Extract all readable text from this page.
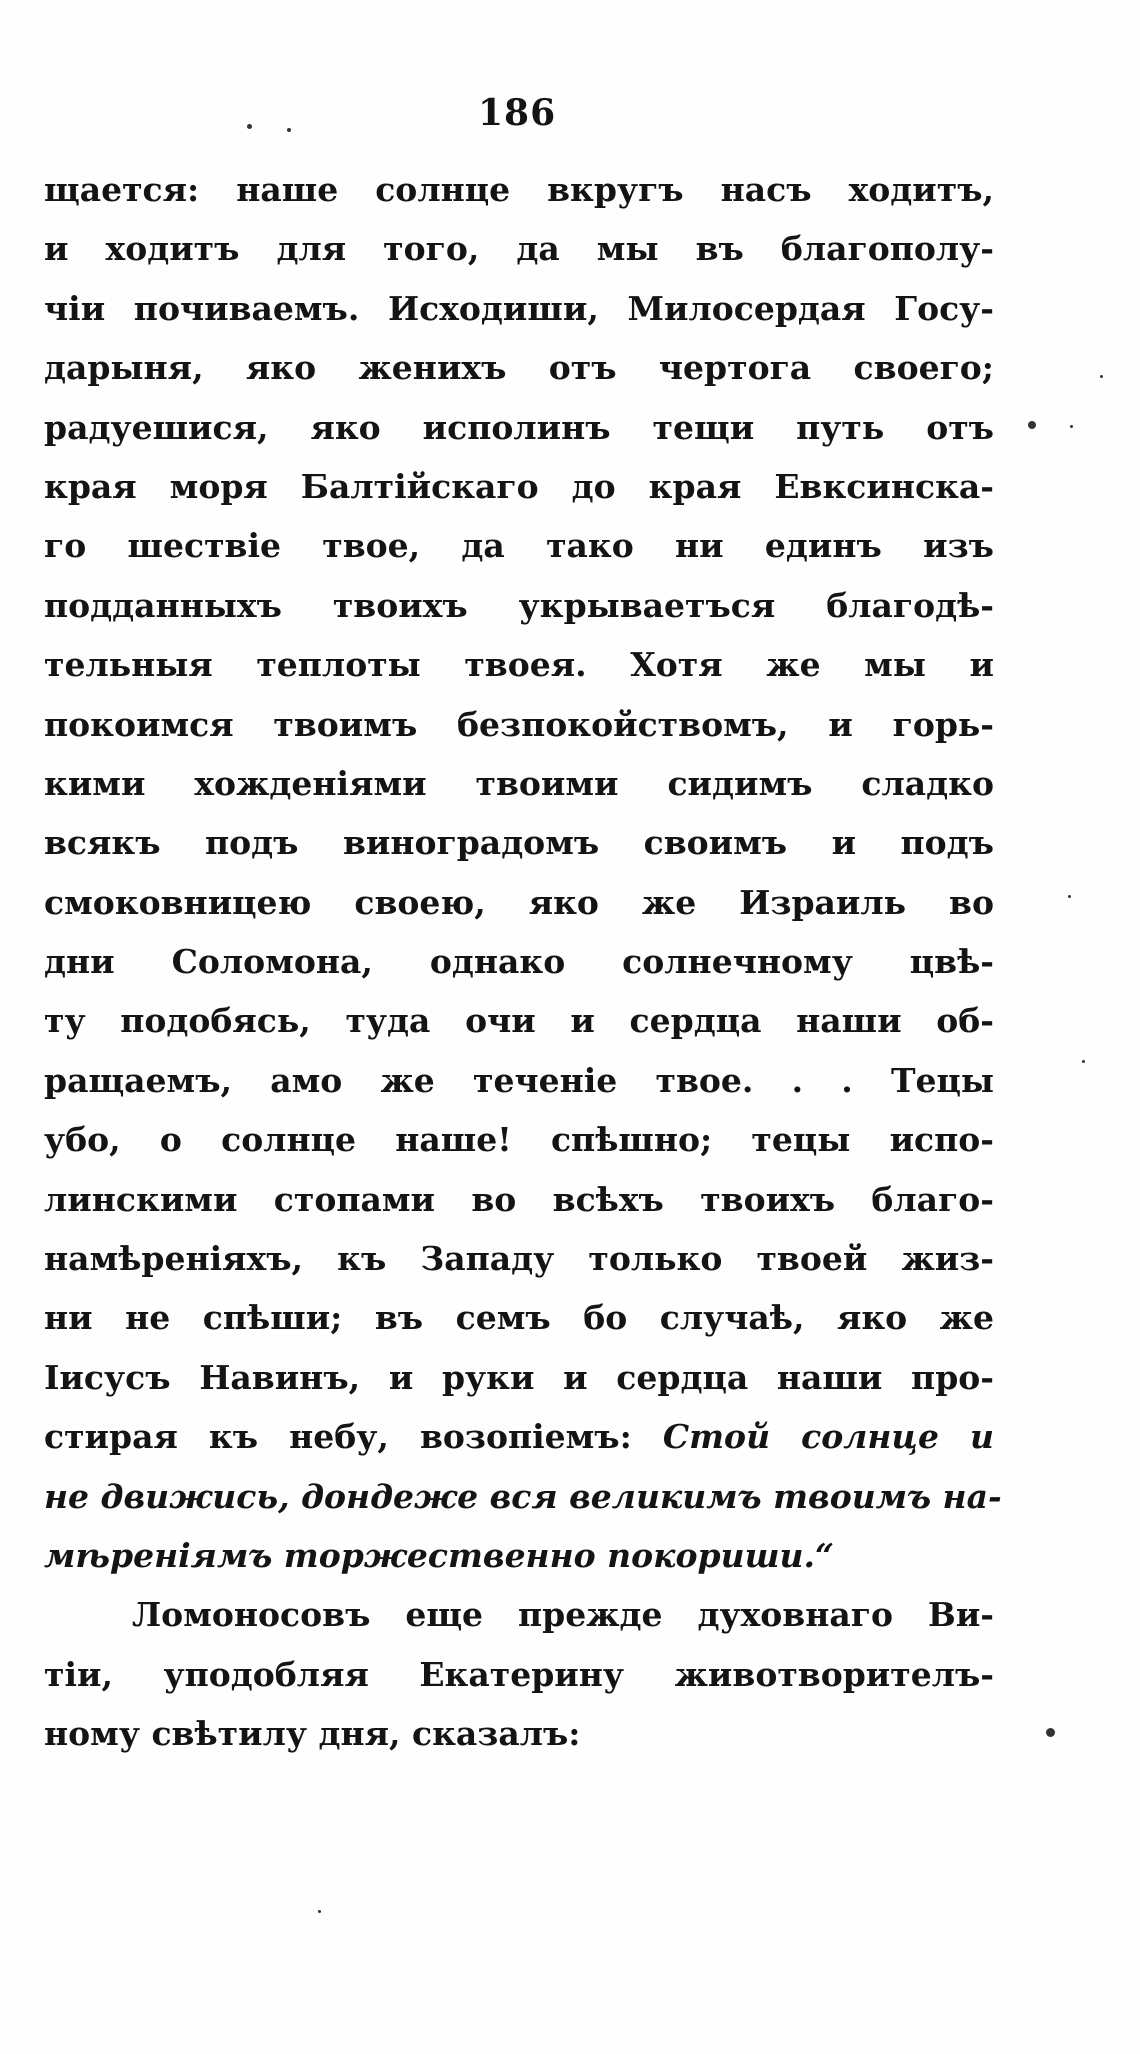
186
щается: наше солнце вкругъ насъ ходитъ,
и ходитъ для того, да мы въ благополу-
чіи почиваемъ. Исходиши, Милосердая Госу-
дарыня, яко женихъ отъ чертога своего;
радуешися, яко исполинъ тещи путь отъ
края моря Балтійскаго до края Евксинска-
го шествіе твое, да тако ни единъ изъ
подданныхъ твоихъ укрываетъся благодѣ-
тельныя теплоты твоея. Хотя же мы и
покоимся твоимъ безпокойствомъ, и горь-
кими хожденіями твоими сидимъ сладко
всякъ подъ виноградомъ своимъ и подъ
смоковницею своею, яко же Израиль во
дни Соломона, однако солнечному цвѣ-
ту подобясь, туда очи и сердца наши об-
ращаемъ, амо же теченіе твое. . . Тецы
убо, о солнце наше! спѣшно; тецы испо-
линскими стопами во всѣхъ твоихъ благо-
намѣреніяхъ, къ Западу только твоей жиз-
ни не спѣши; въ семъ бо случаѣ, яко же
Іисусъ Навинъ, и руки и сердца наши про-
стирая къ небу, возопіемъ: Стой солнце и
не движись, дондеже вся великимъ твоимъ на-
мѣреніямъ торжественно покориши.“
Ломоносовъ еще прежде духовнаго Ви-
тіи, уподобляя Екатерину животворителъ-
ному свѣтилу дня, сказалъ:
